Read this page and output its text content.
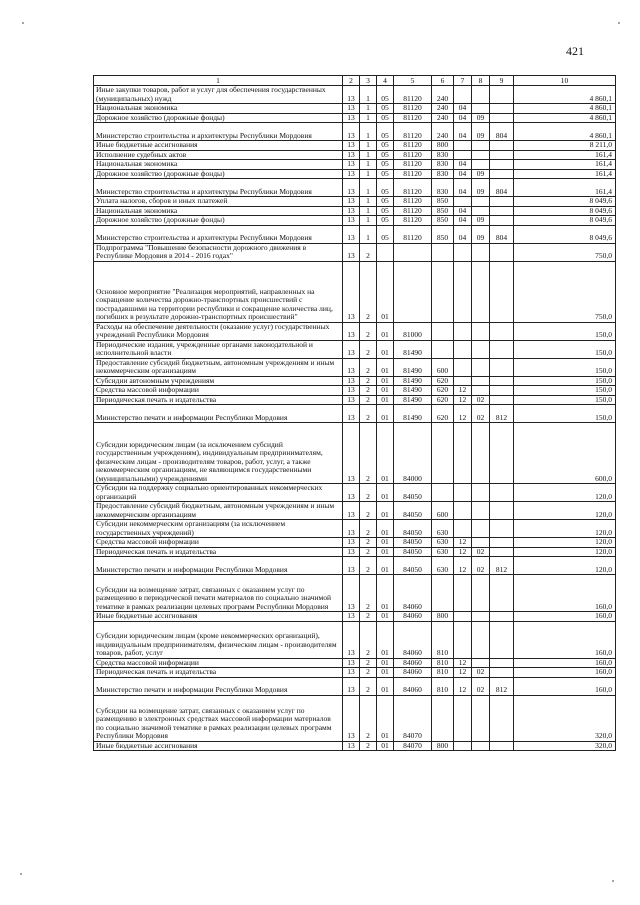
421
1	2	3	4	5	6	7	8	9	10
Иные закупки товаров, работ и услуг для обеспечения государственных (муниципальных) нужд	13	1	05	81120	240				4 860,1
Национальная экономика	13	1	05	81120	240	04			4 860,1
Дорожное хозяйство (дорожные фонды)	13	1	05	81120	240	04	09		4 860,1
Министерство строительства и архитектуры Республики Мордовия	13	1	05	81120	240	04	09	804	4 860,1
Иные бюджетные ассигнования	13	1	05	81120	800				8 211,0
Исполнение судебных актов	13	1	05	81120	830				161,4
Национальная экономика	13	1	05	81120	830	04			161,4
Дорожное хозяйство (дорожные фонды)	13	1	05	81120	830	04	09		161,4
Министерство строительства и архитектуры Республики Мордовия	13	1	05	81120	830	04	09	804	161,4
Уплата налогов, сборов и иных платежей	13	1	05	81120	850				8 049,6
Национальная экономика	13	1	05	81120	850	04			8 049,6
Дорожное хозяйство (дорожные фонды)	13	1	05	81120	850	04	09		8 049,6
Министерство строительства и архитектуры Республики Мордовия	13	1	05	81120	850	04	09	804	8 049,6
Подпрограмма "Повышение безопасности дорожного движения в Республике Мордовия в 2014 - 2016 годах"	13	2							750,0
Основное мероприятие "Реализация мероприятий, направленных на сокращение количества дорожно-транспортных происшествий с пострадавшими на территории республики и сокращение количества лиц, погибших в результате дорожно-транспортных происшествий"	13	2	01						750,0
Расходы на обеспечение деятельности (оказание услуг) государственных учреждений Республики Мордовия	13	2	01	81000					150,0
Периодические издания, учрежденные органами законодательной и исполнительной власти	13	2	01	81490					150,0
Предоставление субсидий бюджетным, автономным учреждениям и иным некоммерческим организациям	13	2	01	81490	600				150,0
Субсидии автономным учреждениям	13	2	01	81490	620				150,0
Средства массовой информации	13	2	01	81490	620	12			150,0
Периодическая печать и издательства	13	2	01	81490	620	12	02		150,0
Министерство печати и информации Республики Мордовия	13	2	01	81490	620	12	02	812	150,0
Субсидии юридическим лицам (за исключением субсидий государственным учреждениям), индивидуальным предпринимателям, физическим лицам - производителям товаров, работ, услуг, а также некоммерческим организациям, не являющимся государственными (муниципальными) учреждениями	13	2	01	84000					600,0
Субсидии на поддержку социально ориентированных некоммерческих организаций	13	2	01	84050					120,0
Предоставление субсидий бюджетным, автономным учреждениям и иным некоммерческим организациям	13	2	01	84050	600				120,0
Субсидии некоммерческим организациям (за исключением государственных учреждений)	13	2	01	84050	630				120,0
Средства массовой информации	13	2	01	84050	630	12			120,0
Периодическая печать и издательства	13	2	01	84050	630	12	02		120,0
Министерство печати и информации Республики Мордовия	13	2	01	84050	630	12	02	812	120,0
Субсидии на возмещение затрат, связанных с оказанием услуг по размещению в периодической печати материалов по социально значимой тематике в рамках реализации целевых программ Республики Мордовия	13	2	01	84060					160,0
Иные бюджетные ассигнования	13	2	01	84060	800				160,0
Субсидии юридическим лицам (кроме некоммерческих организаций), индивидуальным предпринимателям, физическим лицам - производителям товаров, работ, услуг	13	2	01	84060	810				160,0
Средства массовой информации	13	2	01	84060	810	12			160,0
Периодическая печать и издательства	13	2	01	84060	810	12	02		160,0
Министерство печати и информации Республики Мордовия	13	2	01	84060	810	12	02	812	160,0
Субсидии на возмещение затрат, связанных с оказанием услуг по размещению в электронных средствах массовой информации материалов по социально значимой тематике в рамках реализации целевых программ Республики Мордовия	13	2	01	84070					320,0
Иные бюджетные ассигнования	13	2	01	84070	800				320,0
